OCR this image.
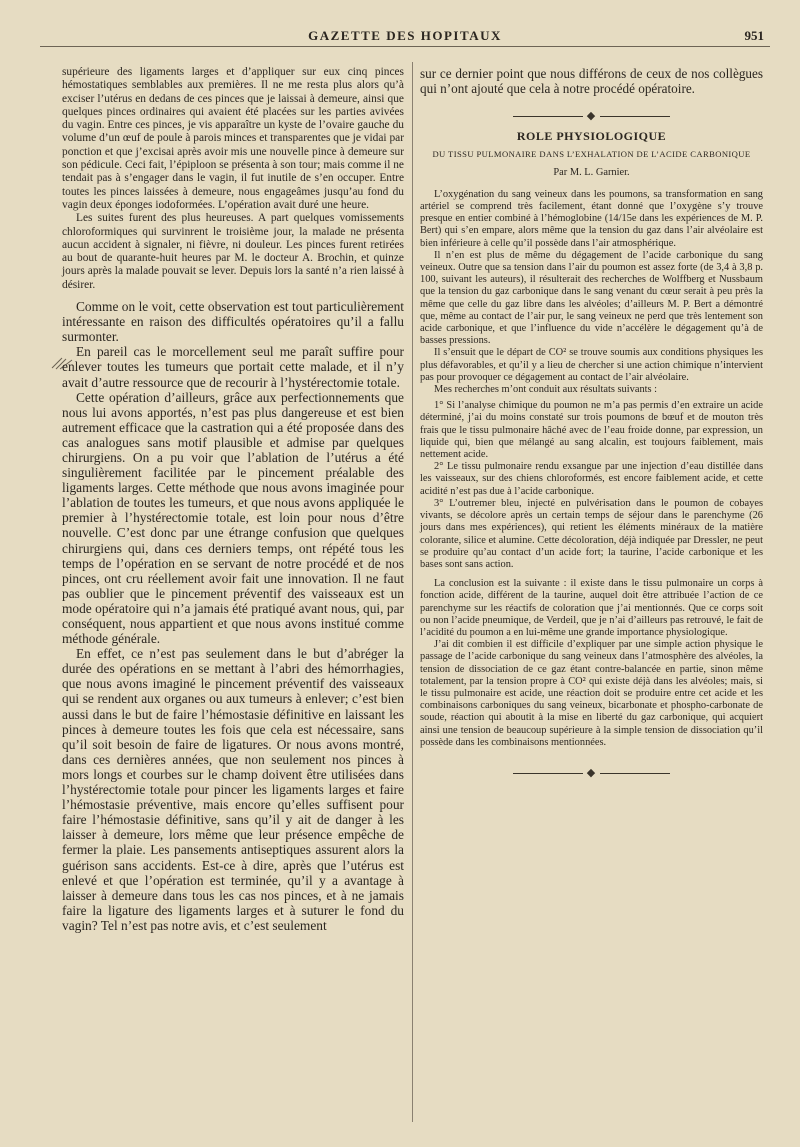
GAZETTE DES HOPITAUX	951

supérieure des ligaments larges et d’appliquer sur eux cinq pinces hémostatiques semblables aux premières. Il ne me resta plus alors qu’à exciser l’utérus en dedans de ces pinces que je laissai à demeure, ainsi que quelques pinces ordinaires qui avaient été placées sur les parties avivées du vagin. Entre ces pinces, je vis apparaître un kyste de l’ovaire gauche du volume d’un œuf de poule à parois minces et transparentes que je vidai par ponction et que j’excisai après avoir mis une nouvelle pince à demeure sur son pédicule. Ceci fait, l’épiploon se présenta à son tour; mais comme il ne tendait pas à s’engager dans le vagin, il fut inutile de s’en occuper. Entre toutes les pinces laissées à demeure, nous engageâmes jusqu’au fond du vagin deux éponges iodoformées. L’opération avait duré une heure.

Les suites furent des plus heureuses. A part quelques vomissements chloroformiques qui survinrent le troisième jour, la malade ne présenta aucun accident à signaler, ni fièvre, ni douleur. Les pinces furent retirées au bout de quarante-huit heures par M. le docteur A. Brochin, et quinze jours après la malade pouvait se lever. Depuis lors la santé n’a rien laissé à désirer.

Comme on le voit, cette observation est tout particulièrement intéressante en raison des difficultés opératoires qu’il a fallu surmonter.

En pareil cas le morcellement seul me paraît suffire pour enlever toutes les tumeurs que portait cette malade, et il n’y avait d’autre ressource que de recourir à l’hystérectomie totale.

Cette opération d’ailleurs, grâce aux perfectionnements que nous lui avons apportés, n’est pas plus dangereuse et est bien autrement efficace que la castration qui a été proposée dans des cas analogues sans motif plausible et admise par quelques chirurgiens. On a pu voir que l’ablation de l’utérus a été singulièrement facilitée par le pincement préalable des ligaments larges. Cette méthode que nous avons imaginée pour l’ablation de toutes les tumeurs, et que nous avons appliquée le premier à l’hystérectomie totale, est loin pour nous d’être nouvelle. C’est donc par une étrange confusion que quelques chirurgiens qui, dans ces derniers temps, ont répété tous les temps de l’opération en se servant de notre procédé et de nos pinces, ont cru réellement avoir fait une innovation. Il ne faut pas oublier que le pincement préventif des vaisseaux est un mode opératoire qui n’a jamais été pratiqué avant nous, qui, par conséquent, nous appartient et que nous avons institué comme méthode générale.

En effet, ce n’est pas seulement dans le but d’abréger la durée des opérations en se mettant à l’abri des hémorrhagies, que nous avons imaginé le pincement préventif des vaisseaux qui se rendent aux organes ou aux tumeurs à enlever; c’est bien aussi dans le but de faire l’hémostasie définitive en laissant les pinces à demeure toutes les fois que cela est nécessaire, sans qu’il soit besoin de faire de ligatures. Or nous avons montré, dans ces dernières années, que non seulement nos pinces à mors longs et courbes sur le champ doivent être utilisées dans l’hystérectomie totale pour pincer les ligaments larges et faire l’hémostasie préventive, mais encore qu’elles suffisent pour faire l’hémostasie définitive, sans qu’il y ait de danger à les laisser à demeure, lors même que leur présence empêche de fermer la plaie. Les pansements antiseptiques assurent alors la guérison sans accidents. Est-ce à dire, après que l’utérus est enlevé et que l’opération est terminée, qu’il y a avantage à laisser à demeure dans tous les cas nos pinces, et à ne jamais faire la ligature des ligaments larges et à suturer le fond du vagin? Tel n’est pas notre avis, et c’est seulement

sur ce dernier point que nous différons de ceux de nos collègues qui n’ont ajouté que cela à notre procédé opératoire.

◆
ROLE PHYSIOLOGIQUE
DU TISSU PULMONAIRE DANS L’EXHALATION DE L’ACIDE CARBONIQUE
Par M. L. Garnier.

L’oxygénation du sang veineux dans les poumons, sa transformation en sang artériel se comprend très facilement, étant donné que l’oxygène s’y trouve presque en entier combiné à l’hémoglobine (14/15e dans les expériences de M. P. Bert) qui s’en empare, alors même que la tension du gaz dans l’air alvéolaire est bien inférieure à celle qu’il possède dans l’air atmosphérique.

Il n’en est plus de même du dégagement de l’acide carbonique du sang veineux. Outre que sa tension dans l’air du poumon est assez forte (de 3,4 à 3,8 p. 100, suivant les auteurs), il résulterait des recherches de Wolffberg et Nussbaum que la tension du gaz carbonique dans le sang venant du cœur serait à peu près la même que celle du gaz libre dans les alvéoles; d’ailleurs M. P. Bert a démontré que, même au contact de l’air pur, le sang veineux ne perd que très lentement son acide carbonique, et que l’influence du vide n’accélère le dégagement qu’à de basses pressions.

Il s’ensuit que le départ de CO² se trouve soumis aux conditions physiques les plus défavorables, et qu’il y a lieu de chercher si une action chimique n’intervient pas pour provoquer ce dégagement au contact de l’air alvéolaire.

Mes recherches m’ont conduit aux résultats suivants :

1° Si l’analyse chimique du poumon ne m’a pas permis d’en extraire un acide déterminé, j’ai du moins constaté sur trois poumons de bœuf et de mouton très frais que le tissu pulmonaire hâché avec de l’eau froide donne, par expression, un liquide qui, bien que mélangé au sang alcalin, est toujours faiblement, mais nettement acide.

2° Le tissu pulmonaire rendu exsangue par une injection d’eau distillée dans les vaisseaux, sur des chiens chloroformés, est encore faiblement acide, et cette acidité n’est pas due à l’acide carbonique.

3° L’outremer bleu, injecté en pulvérisation dans le poumon de cobayes vivants, se décolore après un certain temps de séjour dans le parenchyme (26 jours dans mes expériences), qui retient les éléments minéraux de la matière colorante, silice et alumine. Cette décoloration, déjà indiquée par Dressler, ne peut se produire qu’au contact d’un acide fort; la taurine, l’acide carbonique et les bases sont sans action.

La conclusion est la suivante : il existe dans le tissu pulmonaire un corps à fonction acide, différent de la taurine, auquel doit être attribuée l’action de ce parenchyme sur les réactifs de coloration que j’ai mentionnés. Que ce corps soit ou non l’acide pneumique, de Verdeil, que je n’ai d’ailleurs pas retrouvé, le fait de l’acidité du poumon a en lui-même une grande importance physiologique.

J’ai dit combien il est difficile d’expliquer par une simple action physique le passage de l’acide carbonique du sang veineux dans l’atmosphère des alvéoles, la tension de dissociation de ce gaz étant contre-balancée en partie, sinon même totalement, par la tension propre à CO² qui existe déjà dans les alvéoles; mais, si le tissu pulmonaire est acide, une réaction doit se produire entre cet acide et les combinaisons carboniques du sang veineux, bicarbonate et phospho-carbonate de soude, réaction qui aboutit à la mise en liberté du gaz carbonique, qui acquiert ainsi une tension de beaucoup supérieure à la simple tension de dissociation qu’il possède dans les combinaisons mentionnées.

◆
